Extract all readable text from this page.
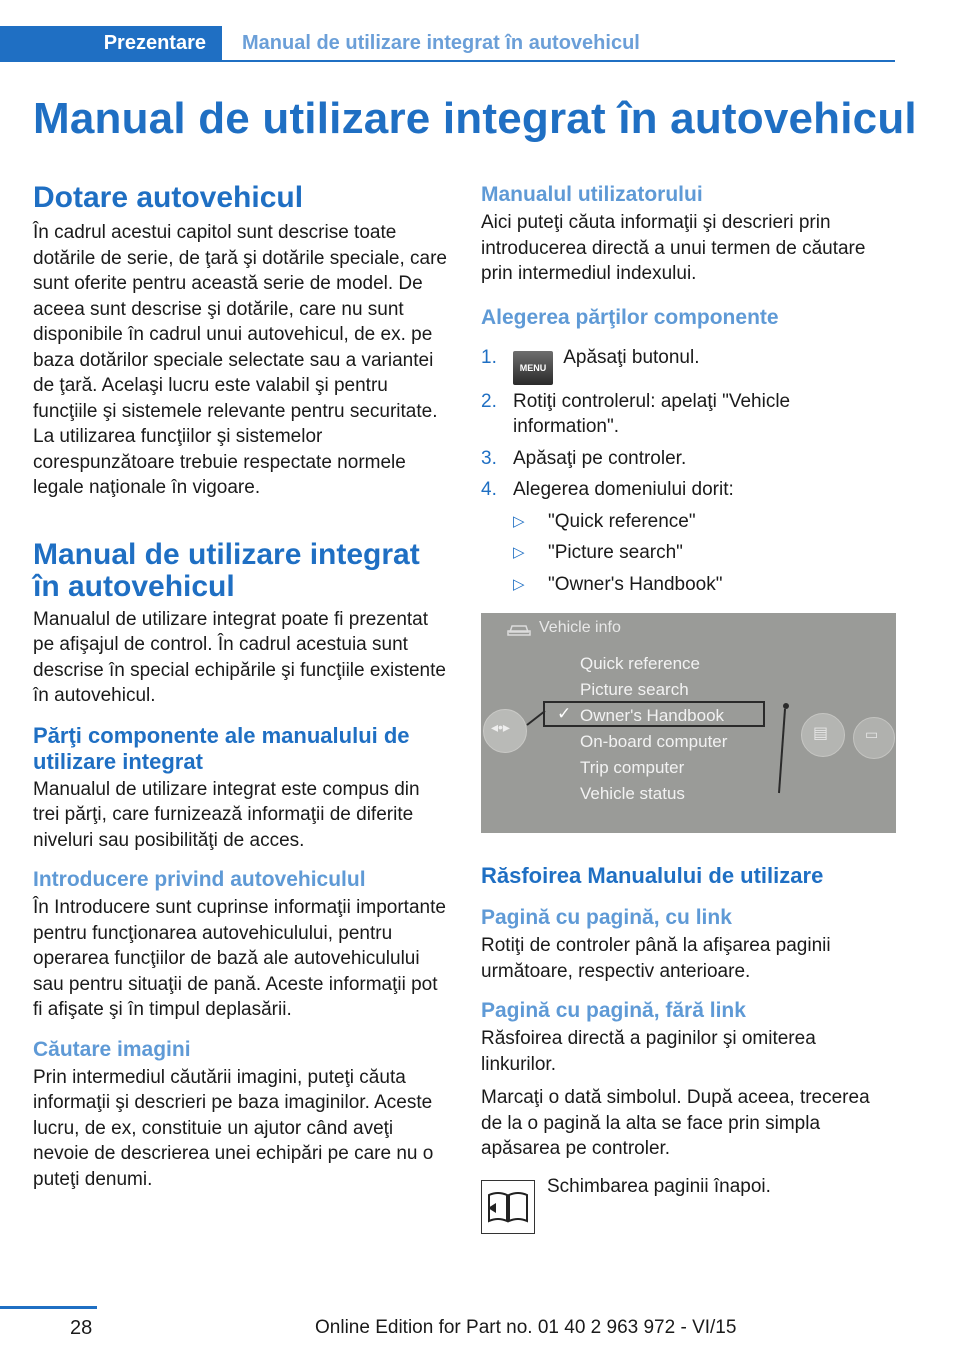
Prezentare	Manual de utilizare integrat în autovehicul
Manual de utilizare integrat în autovehicul
Dotare autovehicul

În cadrul acestui capitol sunt descrise toate dotările de serie, de ţară şi dotările speciale, care sunt oferite pentru această serie de model. De aceea sunt descrise şi dotările, care nu sunt disponibile în cadrul unui autovehicul, de ex. pe baza dotărilor speciale selectate sau a variantei de ţară. Acelaşi lucru este valabil şi pentru funcţiile şi sistemele relevante pentru securitate. La utilizarea funcţiilor şi sistemelor corespunzătoare trebuie respectate normele legale naţionale în vigoare.

Manual de utilizare integrat în autovehicul

Manualul de utilizare integrat poate fi prezentat pe afişajul de control. În cadrul acestuia sunt descrise în special echipările şi funcţiile existente în autovehicul.

Părţi componente ale manualului de utilizare integrat

Manualul de utilizare integrat este compus din trei părţi, care furnizează informaţii de diferite niveluri sau posibilităţi de acces.

Introducere privind autovehiculul

În Introducere sunt cuprinse informaţii importante pentru funcţionarea autovehiculului, pentru operarea funcţiilor de bază ale autovehiculului sau pentru situaţii de pană. Aceste informaţii pot fi afişate şi în timpul deplasării.

Căutare imagini

Prin intermediul căutării imagini, puteţi căuta informaţii şi descrieri pe baza imaginilor. Aceste lucru, de ex, constituie un ajutor când aveţi nevoie de descrierea unei echipări pe care nu o puteţi denumi.

Manualul utilizatorului

Aici puteţi căuta informaţii şi descrieri prin introducerea directă a unui termen de căutare prin intermediul indexului.

Alegerea părţilor componente
1.	MENU Apăsaţi butonul.
2. Rotiţi controlerul: apelaţi "Vehicle information".
3. Apăsaţi pe controler.
4. Alegerea domeniului dorit:
▷ "Quick reference"
▷ "Picture search"
▷ "Owner's Handbook"
Vehicle info
◂•▸
✓
Quick reference
Picture search
Owner's Handbook
On-board computer
Trip computer
Vehicle status
▤	▭
Răsfoirea Manualului de utilizare
Pagină cu pagină, cu link

Rotiţi de controler până la afişarea paginii următoare, respectiv anterioare.

Pagină cu pagină, fără link

Răsfoirea directă a paginilor şi omiterea linkurilor.

Marcaţi o dată simbolul. După aceea, trecerea de la o pagină la alta se face prin simpla apăsarea pe controler.

Schimbarea paginii înapoi.

28	Online Edition for Part no. 01 40 2 963 972 - VI/15
